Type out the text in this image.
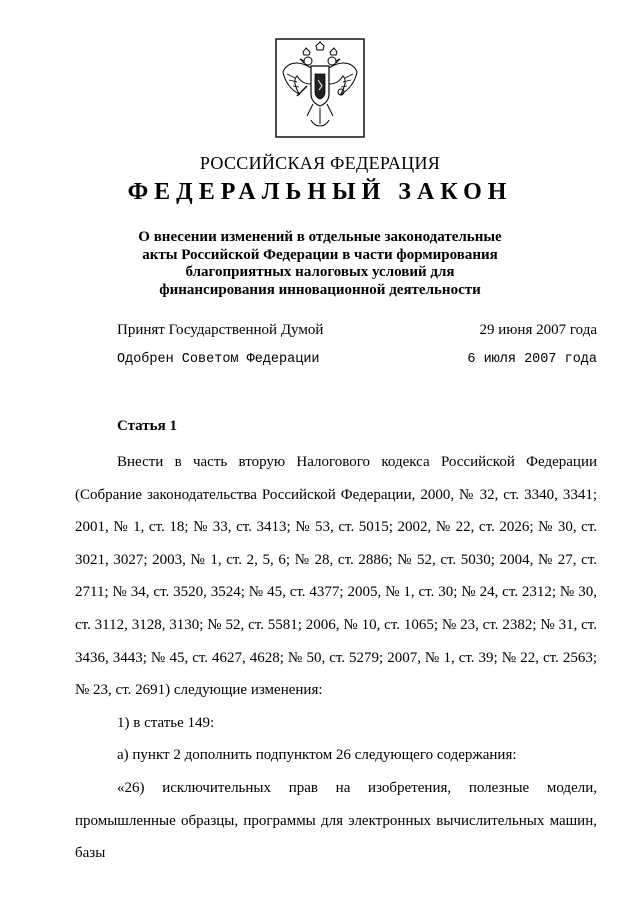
РОССИЙСКАЯ ФЕДЕРАЦИЯ
ФЕДЕРАЛЬНЫЙ ЗАКОН
О внесении изменений в отдельные законодательные
акты Российской Федерации в части формирования
благоприятных налоговых условий для
финансирования инновационной деятельности
Принят Государственной Думой	29 июня 2007 года
Одобрен Советом Федерации	6 июля 2007 года
Статья 1

Внести в часть вторую Налогового кодекса Российской Федерации (Собрание законодательства Российской Федерации, 2000, № 32, ст. 3340, 3341; 2001, № 1, ст. 18; № 33, ст. 3413; № 53, ст. 5015; 2002, № 22, ст. 2026; № 30, ст. 3021, 3027; 2003, № 1, ст. 2, 5, 6; № 28, ст. 2886; № 52, ст. 5030; 2004, № 27, ст. 2711; № 34, ст. 3520, 3524; № 45, ст. 4377; 2005, № 1, ст. 30; № 24, ст. 2312; № 30, ст. 3112, 3128, 3130; № 52, ст. 5581; 2006, № 10, ст. 1065; № 23, ст. 2382; № 31, ст. 3436, 3443; № 45, ст. 4627, 4628; № 50, ст. 5279; 2007, № 1, ст. 39; № 22, ст. 2563; № 23, ст. 2691) следующие изменения:

1) в статье 149:

а) пункт 2 дополнить подпунктом 26 следующего содержания:

«26) исключительных прав на изобретения, полезные модели, промышленные образцы, программы для электронных вычислительных машин, базы
